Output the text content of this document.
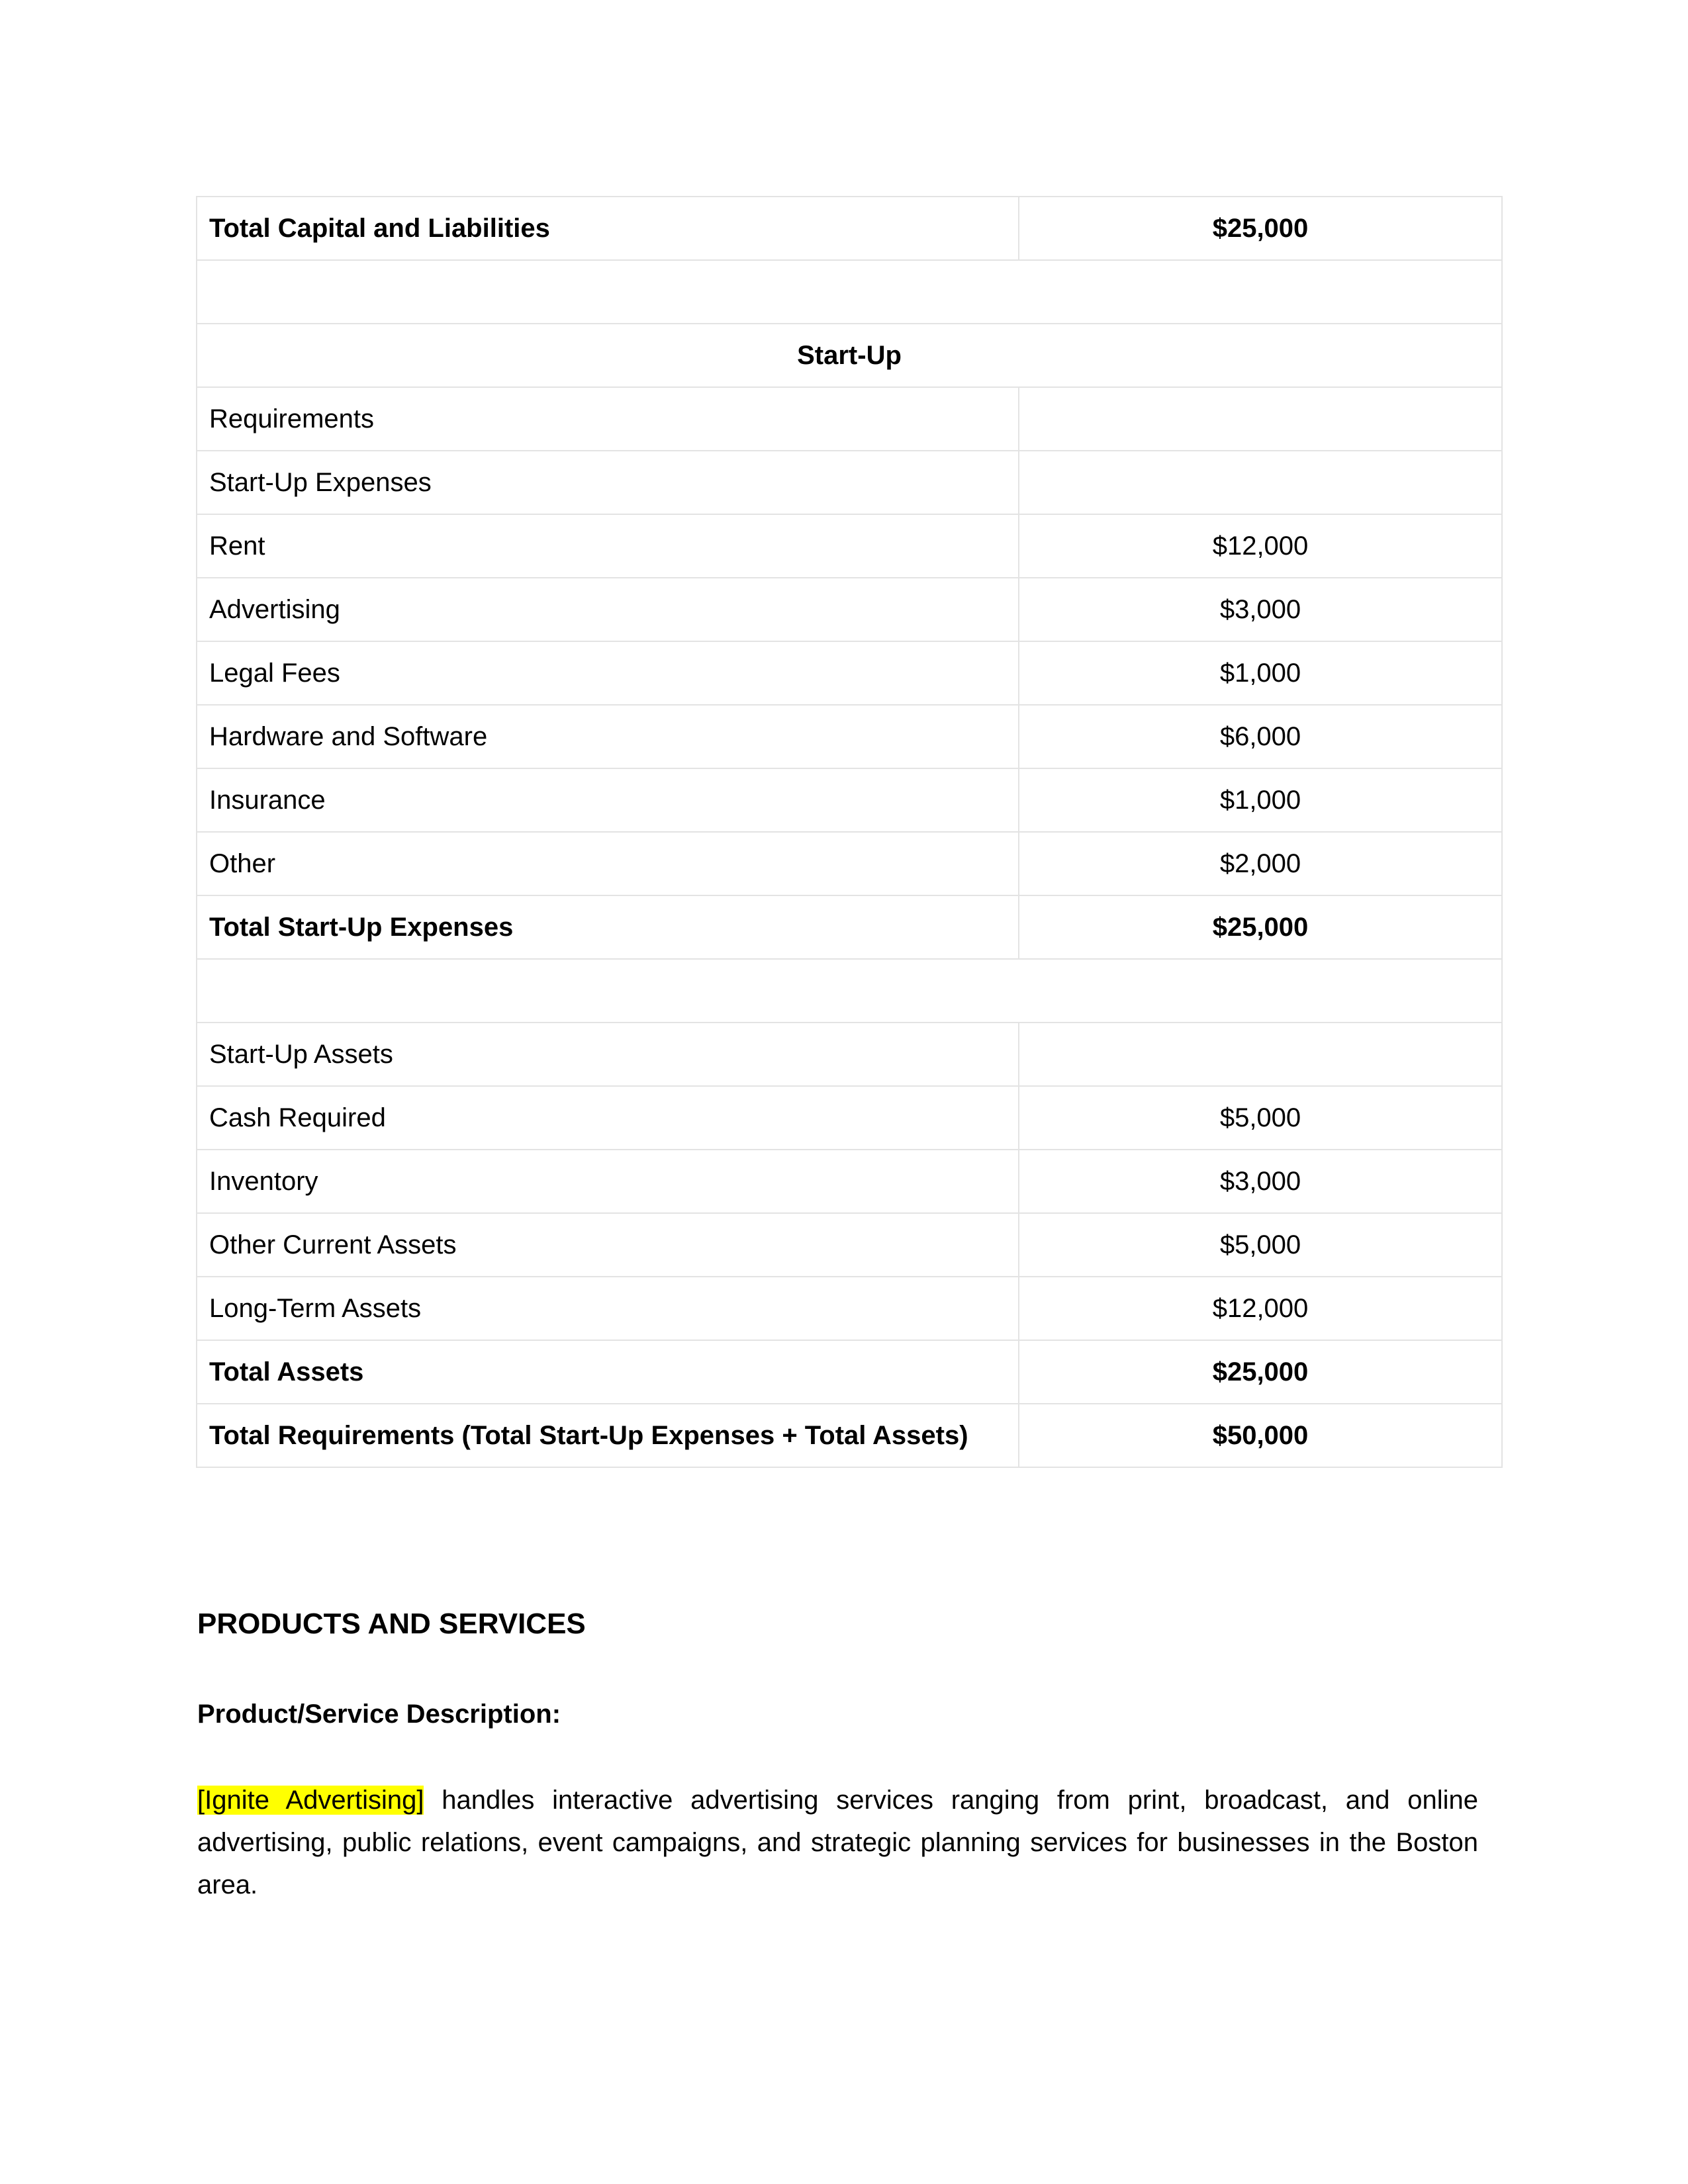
Total Capital and Liabilities	$25,000

Start-Up	
Requirements	
Start-Up Expenses	
Rent	$12,000
Advertising	$3,000
Legal Fees	$1,000
Hardware and Software	$6,000
Insurance	$1,000
Other	$2,000
Total Start-Up Expenses	$25,000

Start-Up Assets	
Cash Required	$5,000
Inventory	$3,000
Other Current Assets	$5,000
Long-Term Assets	$12,000
Total Assets	$25,000
Total Requirements (Total Start-Up Expenses + Total Assets)	$50,000
PRODUCTS AND SERVICES
Product/Service Description:

[Ignite Advertising] handles interactive advertising services ranging from print, broadcast, and online advertising, public relations, event campaigns, and strategic planning services for businesses in the Boston area.
